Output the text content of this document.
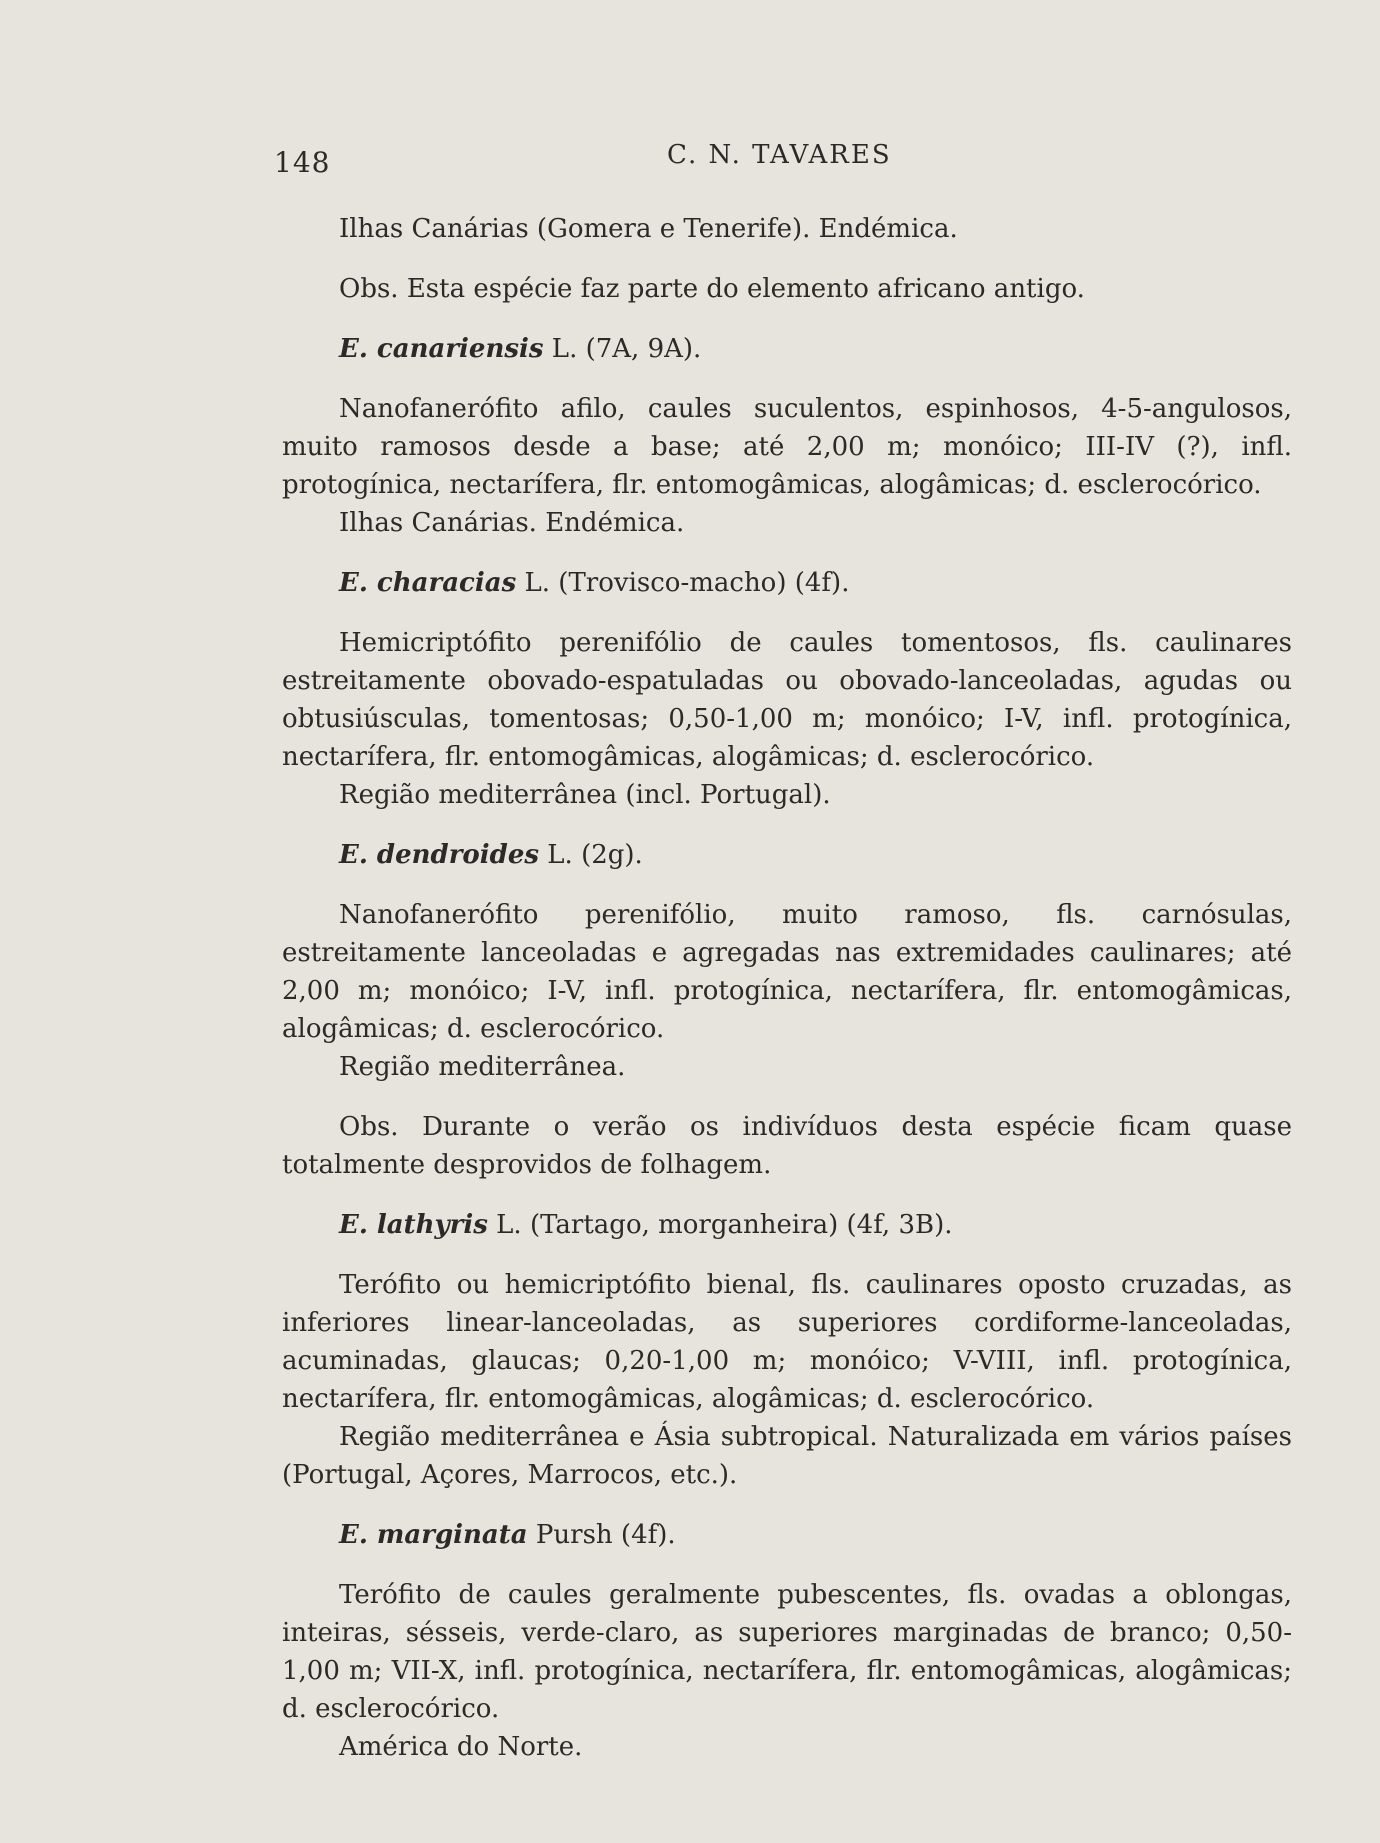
148	C. N. TAVARES

Ilhas Canárias (Gomera e Tenerife). Endémica.

Obs. Esta espécie faz parte do elemento africano antigo.

E. canariensis L. (7A, 9A).

Nanofanerófito afilo, caules suculentos, espinhosos, 4-5-angulosos, muito ramosos desde a base; até 2,00 m; monóico; III-IV (?), infl. protogínica, nectarífera, flr. entomogâmicas, alogâmicas; d. esclerocórico.

Ilhas Canárias. Endémica.

E. characias L. (Trovisco-macho) (4f).

Hemicriptófito perenifólio de caules tomentosos, fls. caulinares estreitamente obovado-espatuladas ou obovado-lanceoladas, agudas ou obtusiúsculas, tomentosas; 0,50-1,00 m; monóico; I-V, infl. protogínica, nectarífera, flr. entomogâmicas, alogâmicas; d. esclerocórico.

Região mediterrânea (incl. Portugal).

E. dendroides L. (2g).

Nanofanerófito perenifólio, muito ramoso, fls. carnósulas, estreitamente lanceoladas e agregadas nas extremidades caulinares; até 2,00 m; monóico; I-V, infl. protogínica, nectarífera, flr. entomogâmicas, alogâmicas; d. esclerocórico.

Região mediterrânea.

Obs. Durante o verão os indivíduos desta espécie ficam quase totalmente desprovidos de folhagem.

E. lathyris L. (Tartago, morganheira) (4f, 3B).

Terófito ou hemicriptófito bienal, fls. caulinares oposto cruzadas, as inferiores linear-lanceoladas, as superiores cordiforme-lanceoladas, acuminadas, glaucas; 0,20-1,00 m; monóico; V-VIII, infl. protogínica, nectarífera, flr. entomogâmicas, alogâmicas; d. esclerocórico.

Região mediterrânea e Ásia subtropical. Naturalizada em vários países (Portugal, Açores, Marrocos, etc.).

E. marginata Pursh (4f).

Terófito de caules geralmente pubescentes, fls. ovadas a oblongas, inteiras, sésseis, verde-claro, as superiores marginadas de branco; 0,50-1,00 m; VII-X, infl. protogínica, nectarífera, flr. entomogâmicas, alogâmicas; d. esclerocórico.

América do Norte.
